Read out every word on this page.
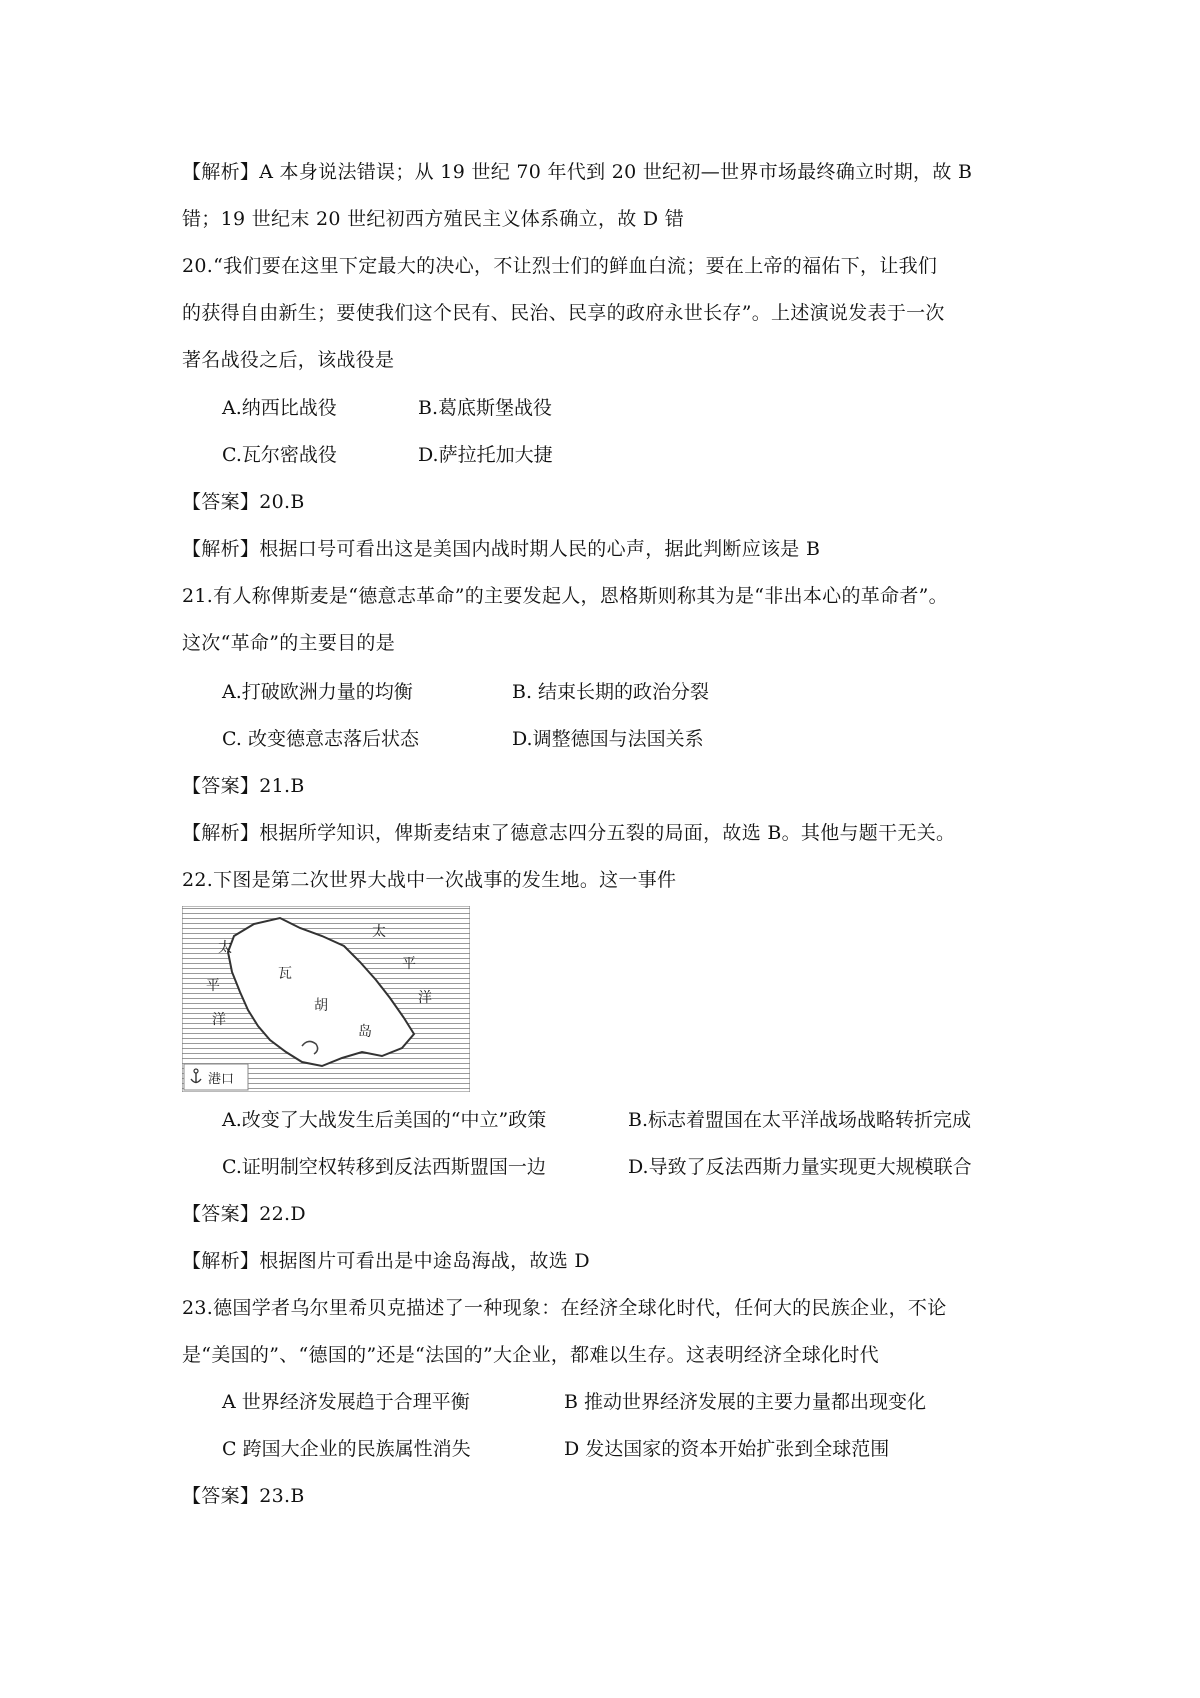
【解析】A 本身说法错误；从 19 世纪 70 年代到 20 世纪初—世界市场最终确立时期，故 B
错；19 世纪末 20 世纪初西方殖民主义体系确立，故 D 错
20.“我们要在这里下定最大的决心，不让烈士们的鲜血白流；要在上帝的福佑下，让我们
的获得自由新生；要使我们这个民有、民治、民享的政府永世长存”。上述演说发表于一次
著名战役之后，该战役是
A.纳西比战役	B.葛底斯堡战役
C.瓦尔密战役	D.萨拉托加大捷
【答案】20.B
【解析】根据口号可看出这是美国内战时期人民的心声，据此判断应该是 B
21.有人称俾斯麦是“德意志革命”的主要发起人，恩格斯则称其为是“非出本心的革命者”。
这次“革命”的主要目的是
A.打破欧洲力量的均衡	B. 结束长期的政治分裂
C. 改变德意志落后状态	D.调整德国与法国关系
【答案】21.B
【解析】根据所学知识，俾斯麦结束了德意志四分五裂的局面，故选 B。其他与题干无关。
22.下图是第二次世界大战中一次战事的发生地。这一事件
太
平
洋
瓦
胡
岛
太
平
洋
港口
A.改变了大战发生后美国的“中立”政策	B.标志着盟国在太平洋战场战略转折完成
C.证明制空权转移到反法西斯盟国一边	D.导致了反法西斯力量实现更大规模联合
【答案】22.D
【解析】根据图片可看出是中途岛海战，故选 D
23.德国学者乌尔里希贝克描述了一种现象：在经济全球化时代，任何大的民族企业，不论
是“美国的”、“德国的”还是“法国的”大企业，都难以生存。这表明经济全球化时代
A 世界经济发展趋于合理平衡	B 推动世界经济发展的主要力量都出现变化
C 跨国大企业的民族属性消失	D 发达国家的资本开始扩张到全球范围
【答案】23.B
